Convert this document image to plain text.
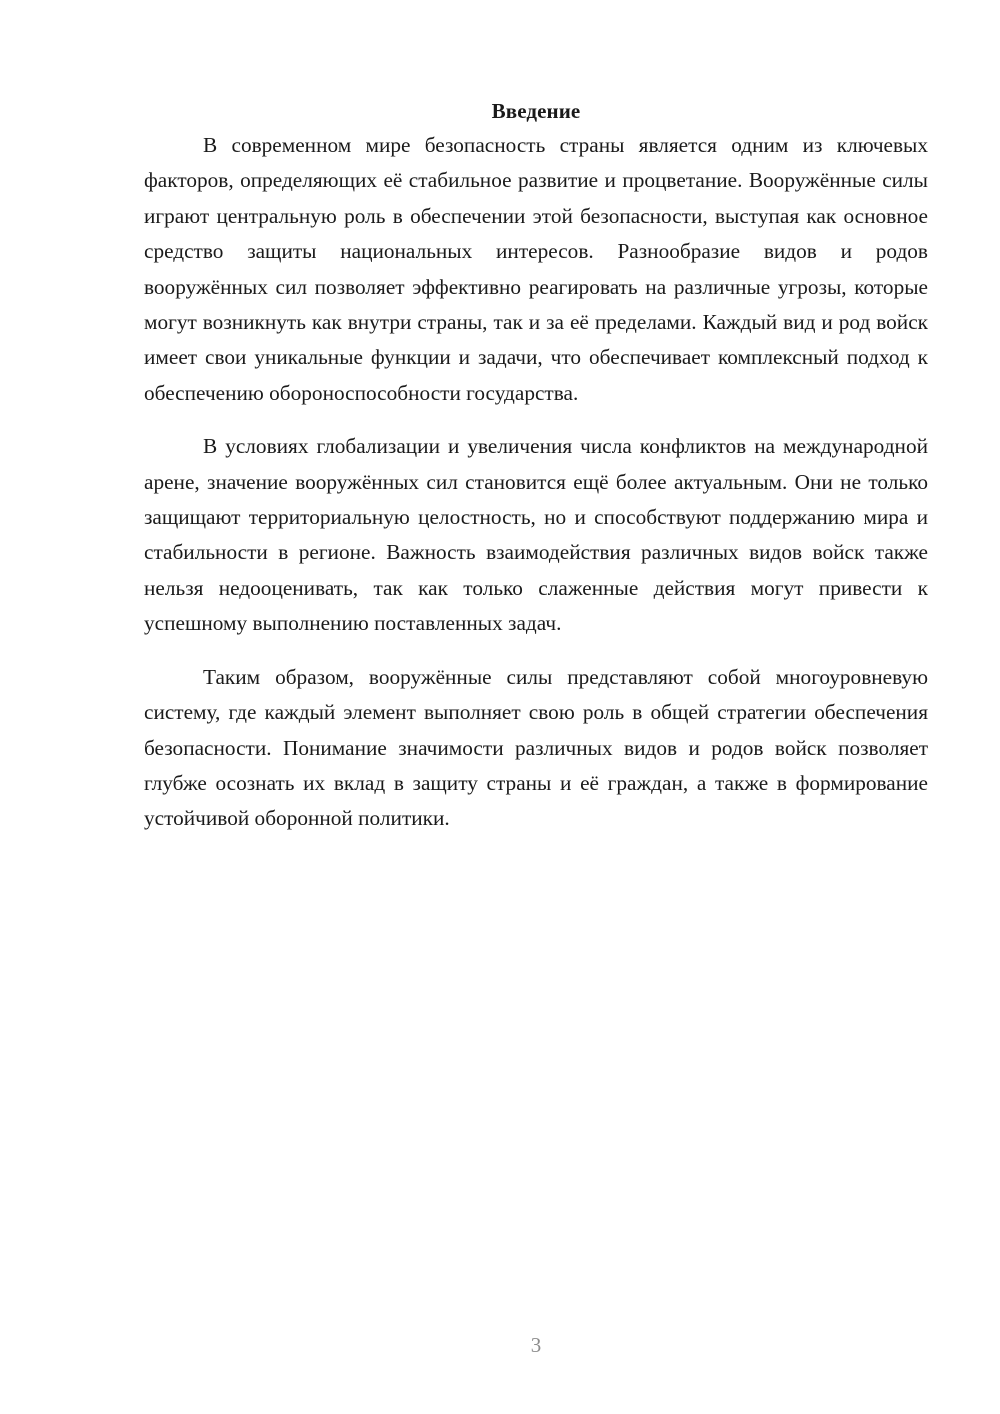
Введение

В современном мире безопасность страны является одним из ключевых факторов, определяющих её стабильное развитие и процветание. Вооружённые силы играют центральную роль в обеспечении этой безопасности, выступая как основное средство защиты национальных интересов. Разнообразие видов и родов вооружённых сил позволяет эффективно реагировать на различные угрозы, которые могут возникнуть как внутри страны, так и за её пределами. Каждый вид и род войск имеет свои уникальные функции и задачи, что обеспечивает комплексный подход к обеспечению обороноспособности государства.

В условиях глобализации и увеличения числа конфликтов на международной арене, значение вооружённых сил становится ещё более актуальным. Они не только защищают территориальную целостность, но и способствуют поддержанию мира и стабильности в регионе. Важность взаимодействия различных видов войск также нельзя недооценивать, так как только слаженные действия могут привести к успешному выполнению поставленных задач.

Таким образом, вооружённые силы представляют собой многоуровневую систему, где каждый элемент выполняет свою роль в общей стратегии обеспечения безопасности. Понимание значимости различных видов и родов войск позволяет глубже осознать их вклад в защиту страны и её граждан, а также в формирование устойчивой оборонной политики.

3
